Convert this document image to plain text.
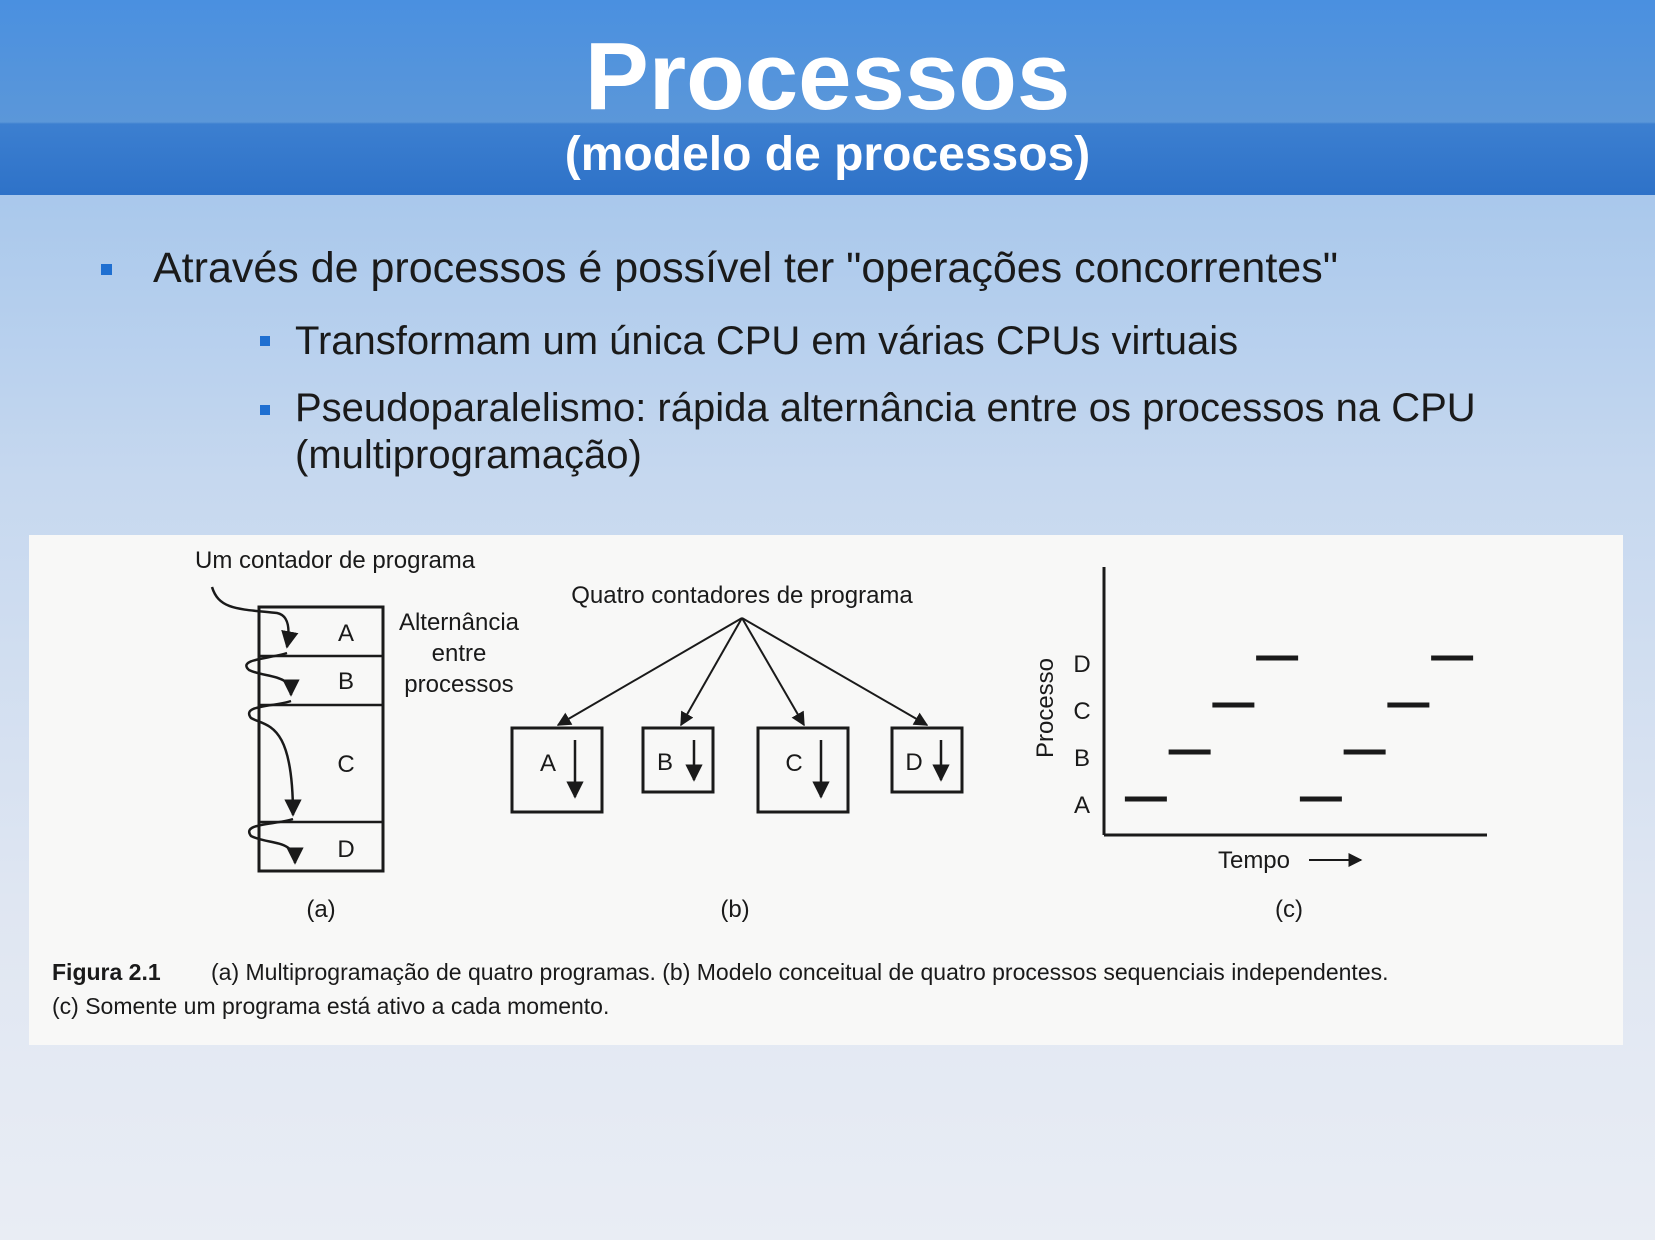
Processos
(modelo de processos)
Através de processos é possível ter "operações concorrentes"
Transformam um única CPU em várias CPUs virtuais
Pseudoparalelismo: rápida alternância entre os processos na CPU (multiprogramação)
Um contador de programa
A
B
C
D
Alternância
entre
processos
(a)
Quatro contadores de programa
A	B	C	D
(b)
Processo
A
B
C
D
Tempo
(c)
Figura 2.1 (a) Multiprogramação de quatro programas. (b) Modelo conceitual de quatro processos sequenciais independentes.
(c) Somente um programa está ativo a cada momento.
